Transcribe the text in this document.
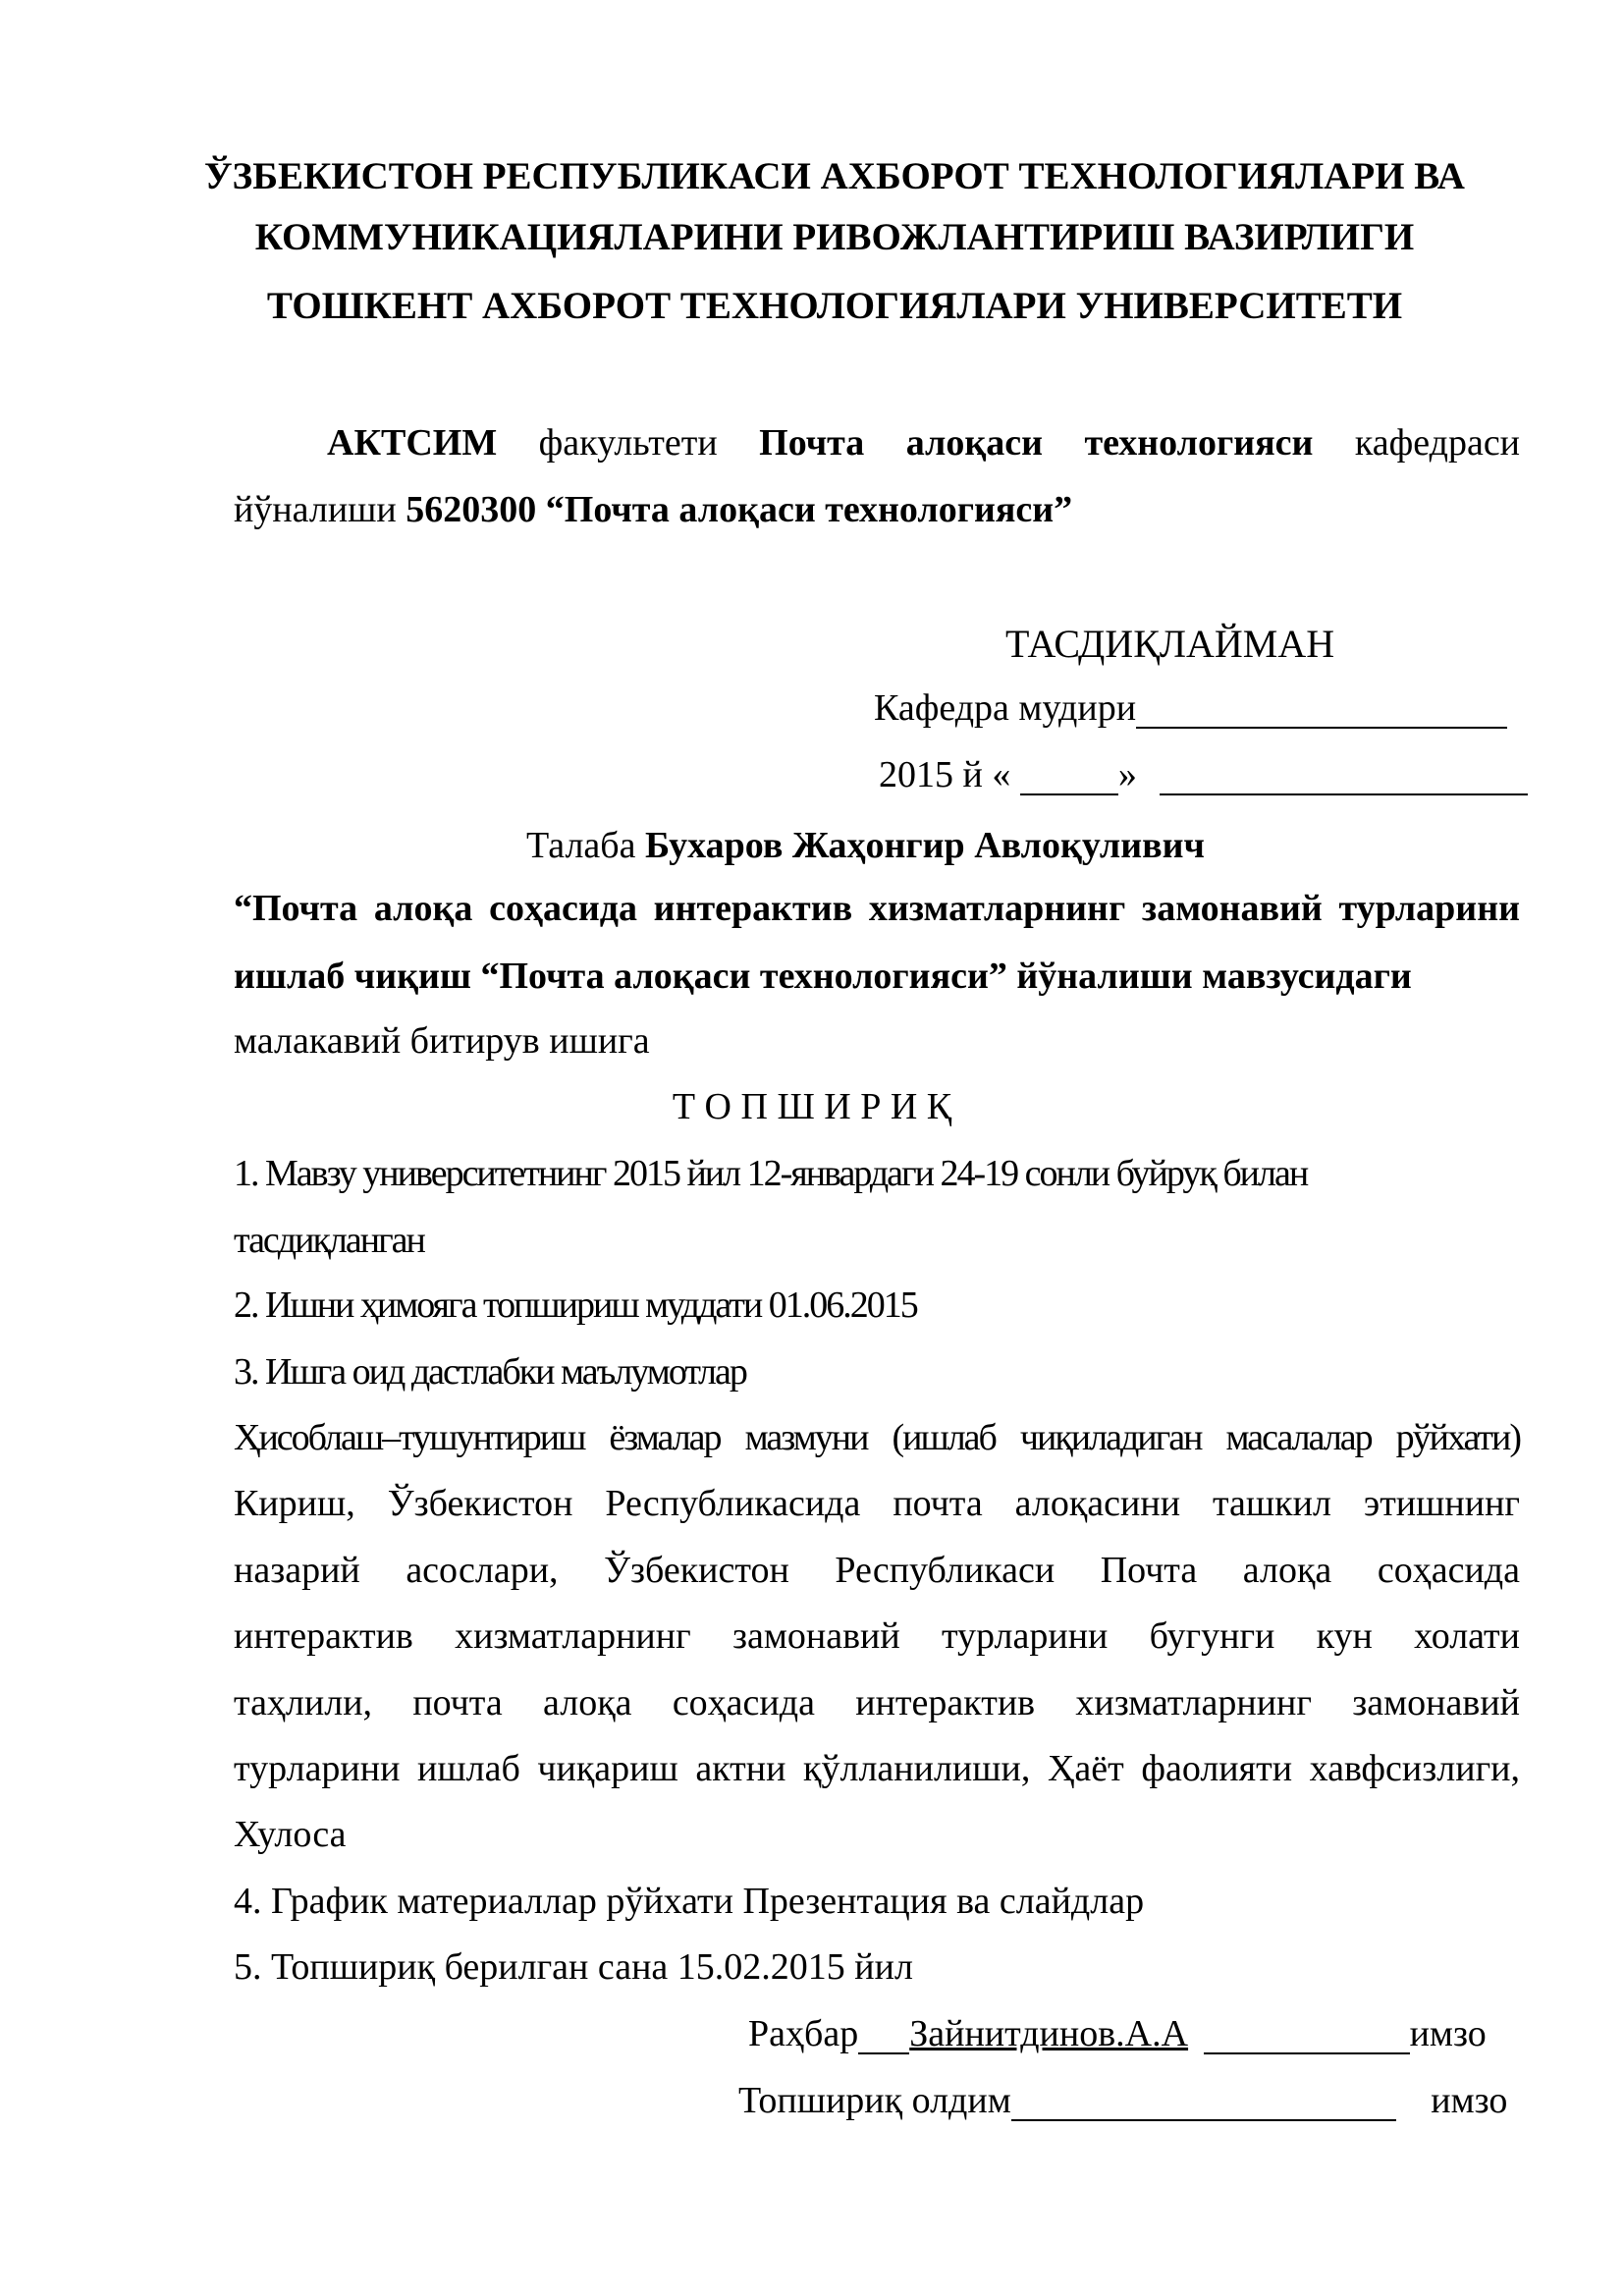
ЎЗБЕКИСТОН РЕСПУБЛИКАСИ АХБОРОТ ТЕХНОЛОГИЯЛАРИ ВА
КОММУНИКАЦИЯЛАРИНИ РИВОЖЛАНТИРИШ ВАЗИРЛИГИ
ТОШКЕНТ АХБОРОТ ТЕХНОЛОГИЯЛАРИ УНИВЕРСИТЕТИ
АКТСИМ факультети Почта алоқаси технологияси кафедраси
йўналиши 5620300 “Почта алоқаси технологияси”
ТАСДИҚЛАЙМАН
Кафедра мудири
2015 й «	»
Талаба Бухаров Жаҳонгир Авлоқуливич
“Почта алоқа соҳасида интерактив хизматларнинг замонавий турларини
ишлаб чиқиш “Почта алоқаси технологияси” йўналиши мавзусидаги
малакавий битирув ишига
Т О П Ш И Р И Қ
1. Мавзу университетнинг 2015 йил 12-январдаги 24-19 сонли буйруқ билан
тасдиқланган
2. Ишни ҳимояга топшириш муддати 01.06.2015
3. Ишга оид дастлабки маълумотлар
Ҳисоблаш–тушунтириш ёзмалар мазмуни (ишлаб чиқиладиган масалалар рўйхати)
Кириш, Ўзбекистон Республикасида почта алоқасини ташкил этишнинг
назарий асослари, Ўзбекистон Республикаси Почта алоқа соҳасида
интерактив хизматларнинг замонавий турларини бугунги кун холати
таҳлили, почта алоқа соҳасида интерактив хизматларнинг замонавий
турларини ишлаб чиқариш актни қўлланилиши, Ҳаёт фаолияти хавфсизлиги,
Хулоса
4. График материаллар рўйхати Презентация ва слайдлар
5. Топшириқ берилган сана 15.02.2015 йил
Раҳбар Зайнитдинов.А.А	имзо
Топшириқ олдим	имзо
